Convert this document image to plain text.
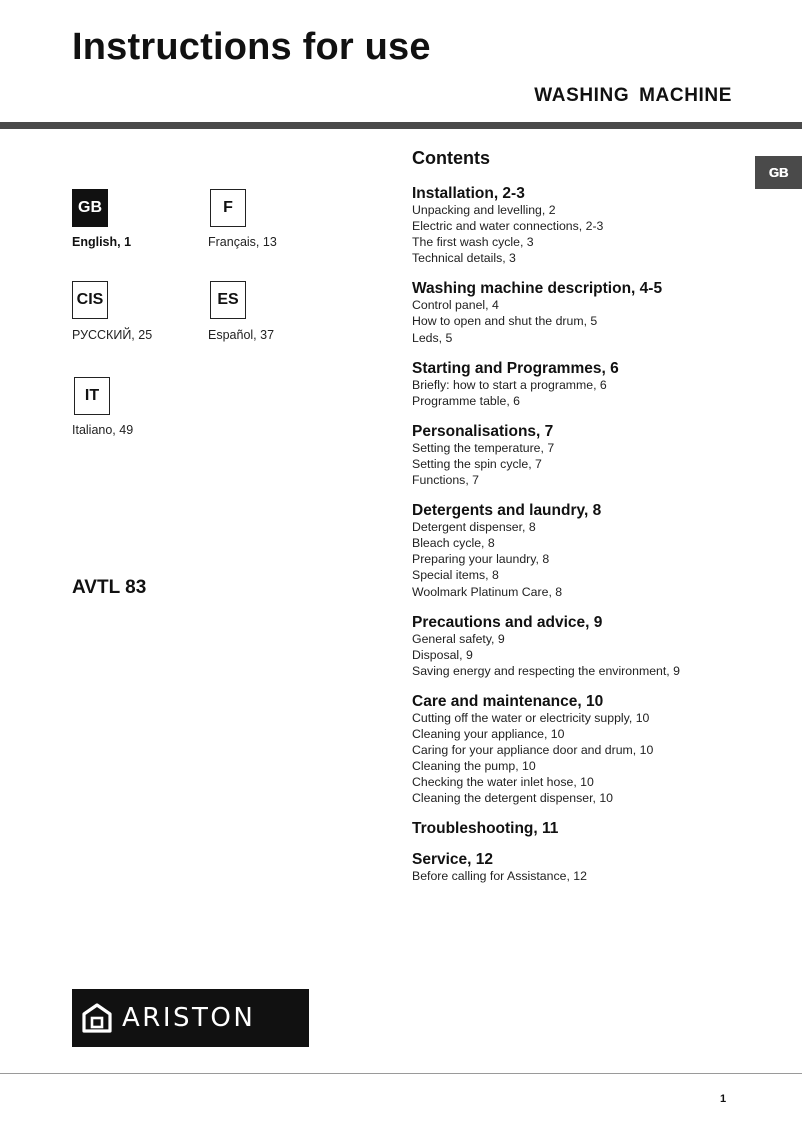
Instructions for use
WASHING MACHINE
GB
GB
English, 1
F
Français, 13
CIS
РУССКИЙ, 25
ES
Español, 37
IT
Italiano, 49
AVTL 83
Contents
Installation, 2-3
Unpacking and levelling, 2
Electric and water connections, 2-3
The first wash cycle, 3
Technical details, 3
Washing machine description, 4-5
Control panel, 4
How to open and shut the drum, 5
Leds, 5
Starting and Programmes, 6
Briefly: how to start a programme, 6
Programme table, 6
Personalisations, 7
Setting the temperature, 7
Setting the spin cycle, 7
Functions, 7
Detergents and laundry, 8
Detergent dispenser, 8
Bleach cycle, 8
Preparing your laundry, 8
Special items, 8
Woolmark Platinum Care, 8
Precautions and advice, 9
General safety, 9
Disposal, 9
Saving energy and respecting the environment, 9
Care and maintenance, 10
Cutting off the water or electricity supply, 10
Cleaning your appliance, 10
Caring for your appliance door and drum, 10
Cleaning the pump, 10
Checking the water inlet hose, 10
Cleaning the detergent dispenser, 10
Troubleshooting, 11
Service, 12
Before calling for Assistance, 12
ARISTON
1
